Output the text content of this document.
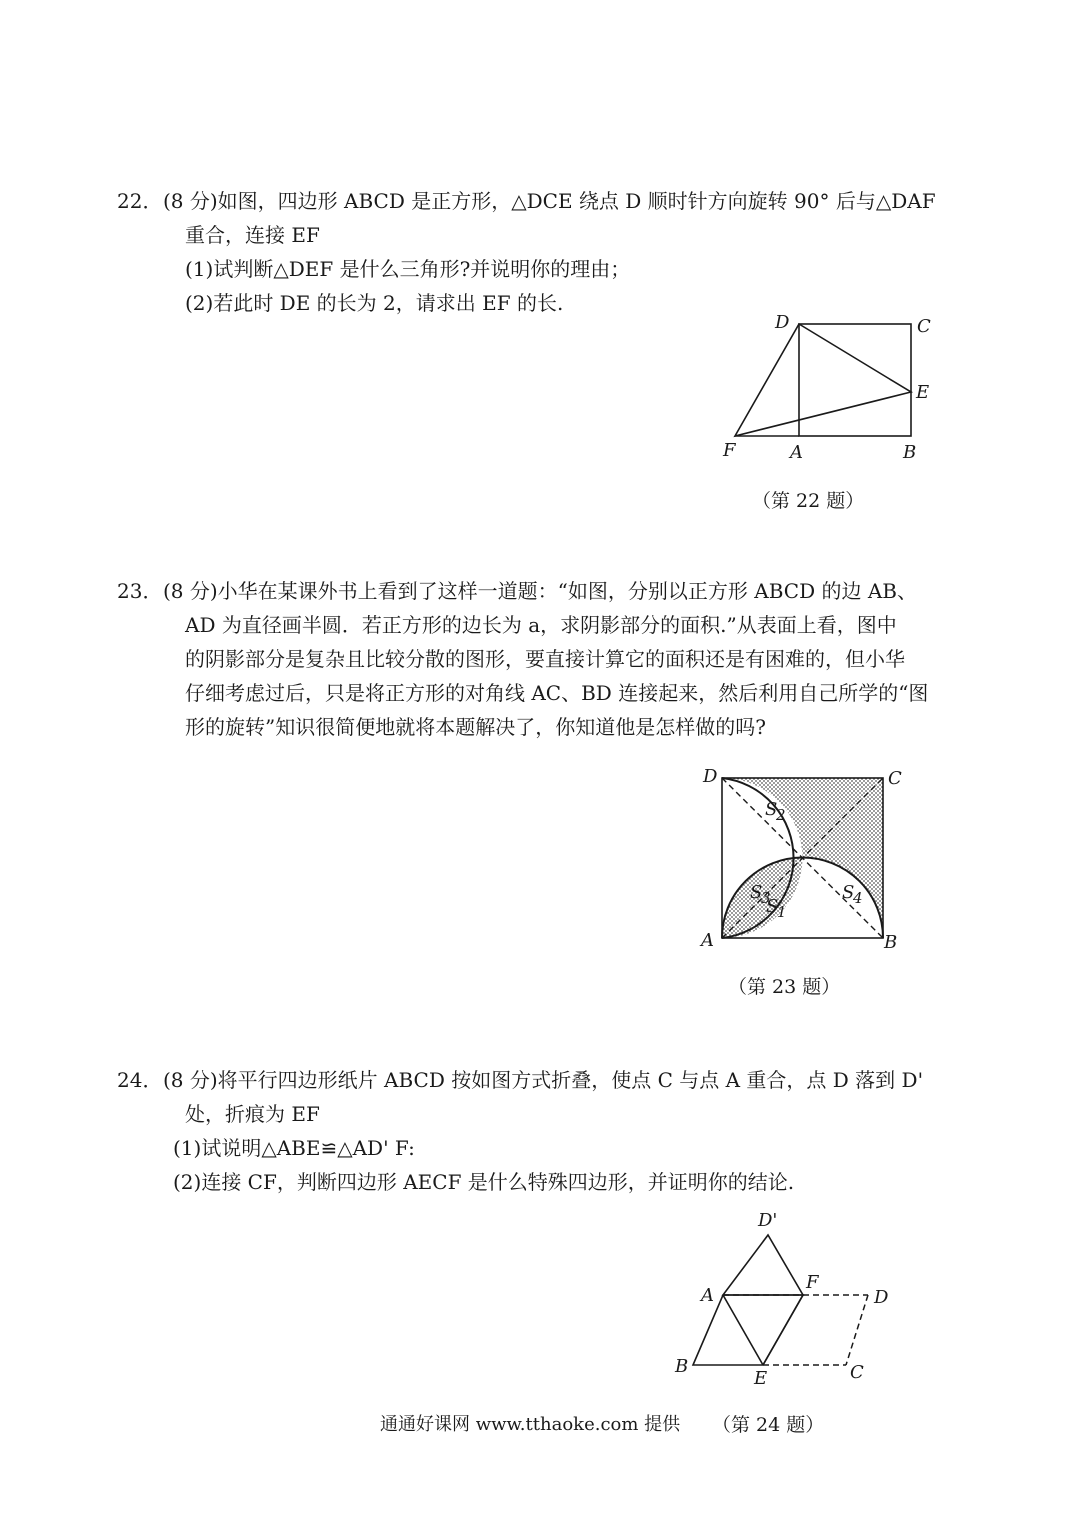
22． (8 分)如图，四边形 ABCD 是正方形，△DCE 绕点 D 顺时针方向旋转 90° 后与△DAF

重合，连接 EF

(1)试判断△DEF 是什么三角形?并说明你的理由；

(2)若此时 DE 的长为 2，请求出 EF 的长.

D	C
E
F	A	B
（第 22 题）
23． (8 分)小华在某课外书上看到了这样一道题：“如图，分别以正方形 ABCD 的边 AB、

AD 为直径画半圆．若正方形的边长为 a，求阴影部分的面积.”从表面上看，图中

的阴影部分是复杂且比较分散的图形，要直接计算它的面积还是有困难的，但小华

仔细考虑过后，只是将正方形的对角线 AC、BD 连接起来，然后利用自己所学的“图

形的旋转”知识很简便地就将本题解决了，你知道他是怎样做的吗?

D	C
A	B
S
2
S
4
S
3
S
1
（第 23 题）
24． (8 分)将平行四边形纸片 ABCD 按如图方式折叠，使点 C 与点 A 重合，点 D 落到 D'

处，折痕为 EF

(1)试说明△ABE≌△AD' F:

(2)连接 CF，判断四边形 AECF 是什么特殊四边形，并证明你的结论.

D'
A
F
D
B
E	C
通通好课网 www.tthaoke.com 提供 （第 24 题）
